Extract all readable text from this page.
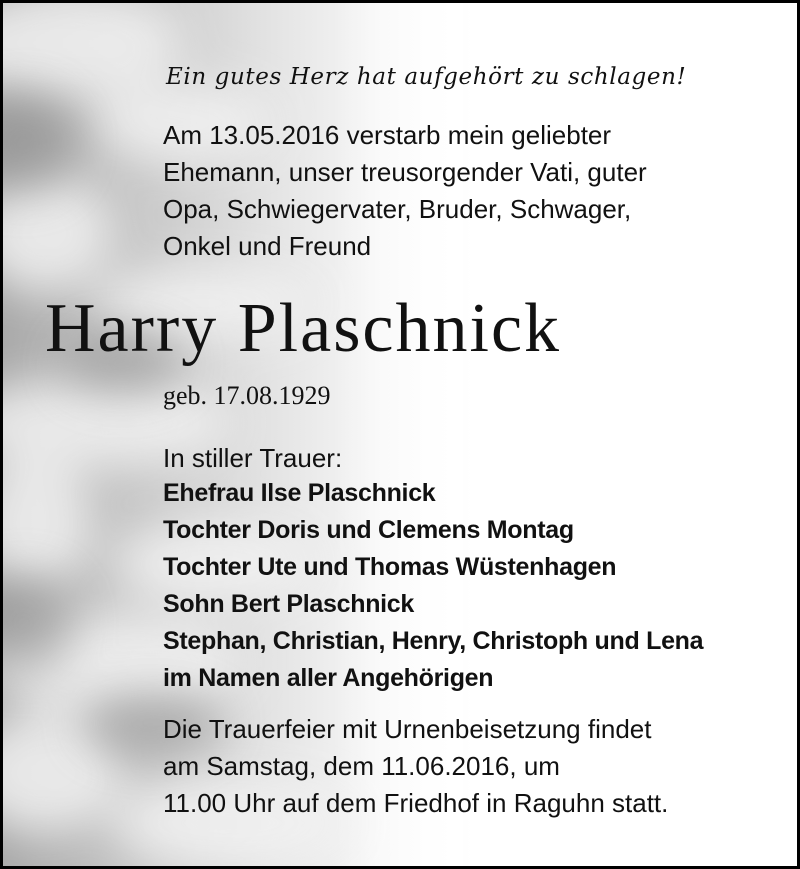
Ein gutes Herz hat aufgehört zu schlagen!
Am 13.05.2016 verstarb mein geliebter
Ehemann, unser treusorgender Vati, guter
Opa, Schwiegervater, Bruder, Schwager,
Onkel und Freund
Harry Plaschnick
geb. 17.08.1929
In stiller Trauer:
Ehefrau Ilse Plaschnick
Tochter Doris und Clemens Montag
Tochter Ute und Thomas Wüstenhagen
Sohn Bert Plaschnick
Stephan, Christian, Henry, Christoph und Lena
im Namen aller Angehörigen
Die Trauerfeier mit Urnenbeisetzung findet
am Samstag, dem 11.06.2016, um
11.00 Uhr auf dem Friedhof in Raguhn statt.
